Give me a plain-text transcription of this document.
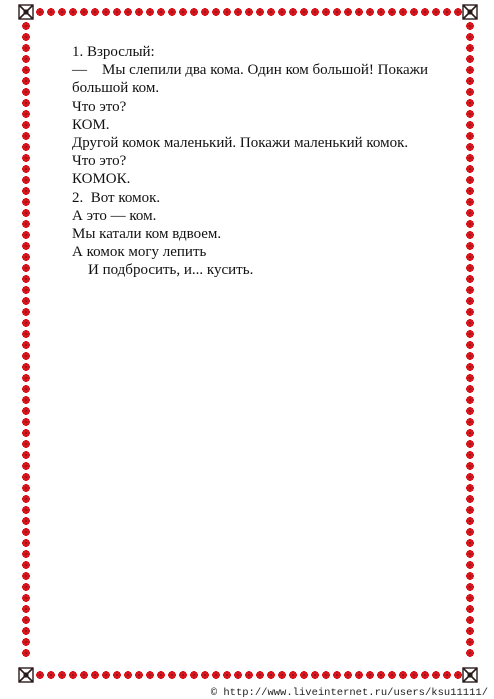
1. Взрослый:
—    Мы слепили два кома. Один ком большой! Покажи
большой ком.
Что это?
КОМ.
Другой комок маленький. Покажи маленький комок.
Что это?
КОМОК.
2.  Вот комок.
А это — ком.
Мы катали ком вдвоем.
А комок могу лепить
И подбросить, и... кусить.
© http://www.liveinternet.ru/users/ksu11111/
